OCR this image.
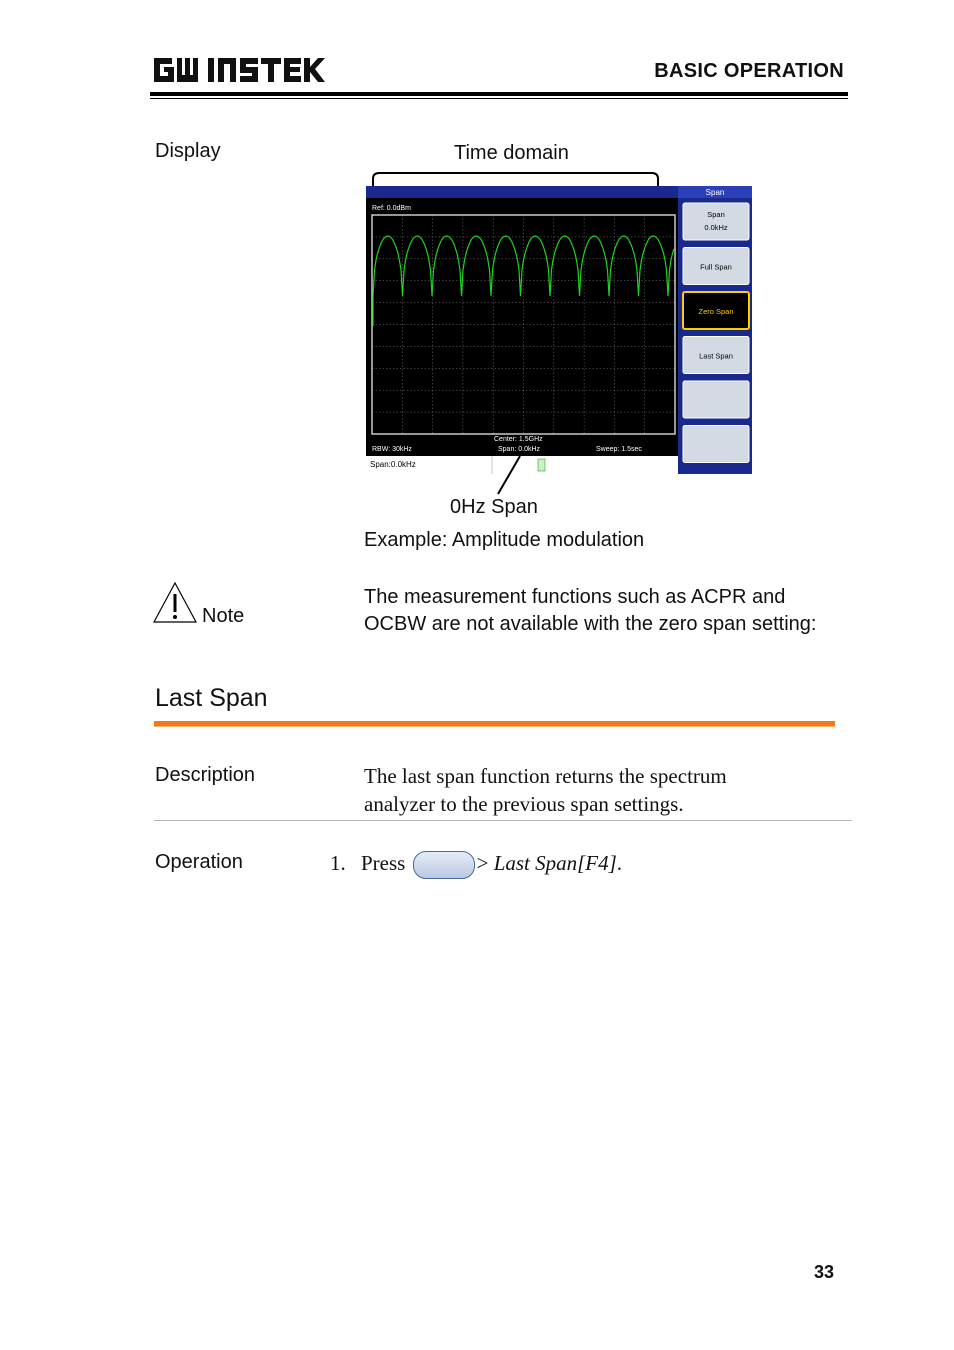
BASIC OPERATION
Display	Time domain
Ref: 0.0dBm
Center: 1.5GHz
RBW: 30kHz	Span: 0.0kHz	Sweep: 1.5sec
Span:0.0kHz
Span
Span
0.0kHz
Full Span
Zero Span
Last Span
0Hz Span
Example: Amplitude modulation
Note
The measurement functions such as ACPR and
OCBW are not available with the zero span setting:
Last Span
Description	The last span function returns the spectrum
analyzer to the previous span settings.
Operation	1. Press	> Last Span[F4].
33
